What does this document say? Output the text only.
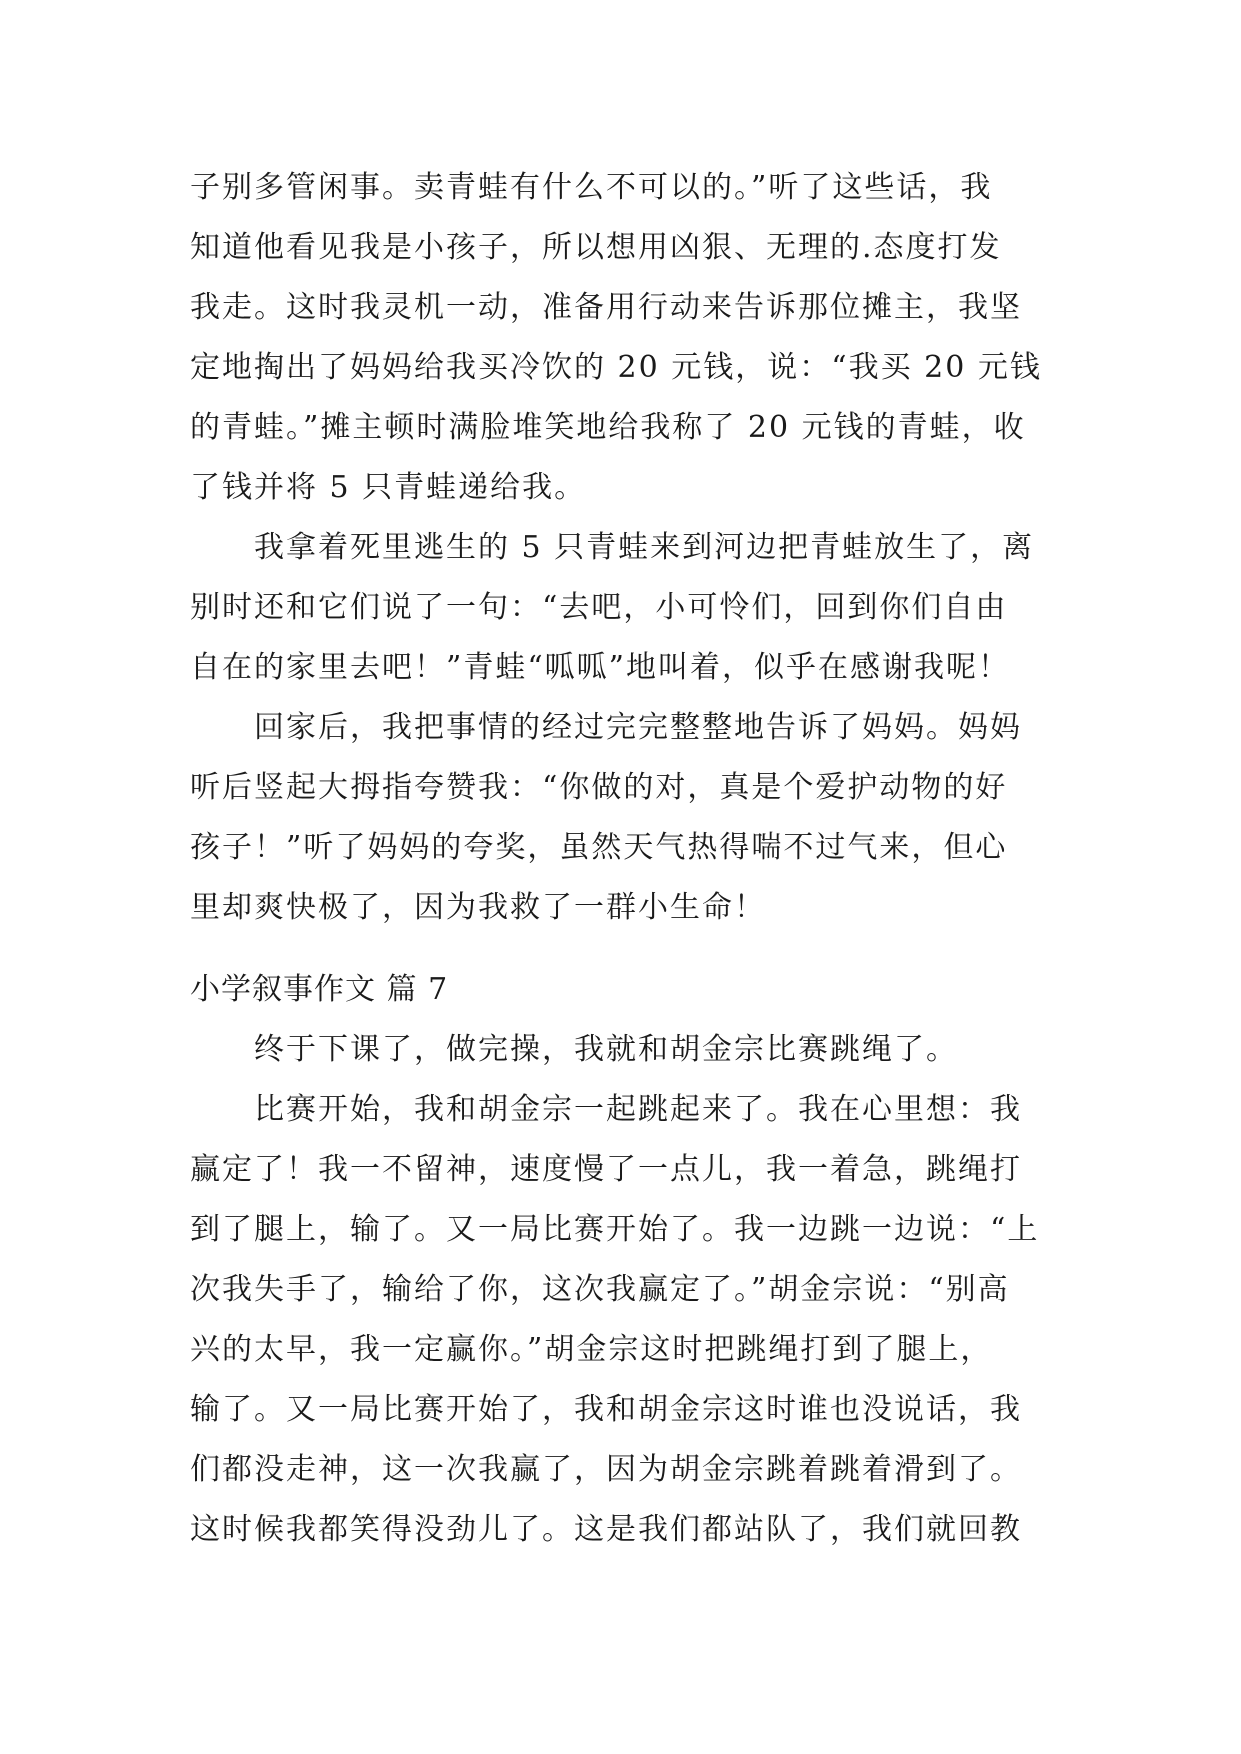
子别多管闲事。卖青蛙有什么不可以的。”听了这些话，我
知道他看见我是小孩子，所以想用凶狠、无理的.态度打发
我走。这时我灵机一动，准备用行动来告诉那位摊主，我坚
定地掏出了妈妈给我买冷饮的 20 元钱，说：“我买 20 元钱
的青蛙。”摊主顿时满脸堆笑地给我称了 20 元钱的青蛙，收
了钱并将 5 只青蛙递给我。
　　我拿着死里逃生的 5 只青蛙来到河边把青蛙放生了，离
别时还和它们说了一句：“去吧，小可怜们，回到你们自由
自在的家里去吧！”青蛙“呱呱”地叫着，似乎在感谢我呢！
　　回家后，我把事情的经过完完整整地告诉了妈妈。妈妈
听后竖起大拇指夸赞我：“你做的对，真是个爱护动物的好
孩子！”听了妈妈的夸奖，虽然天气热得喘不过气来，但心
里却爽快极了，因为我救了一群小生命！
小学叙事作文 篇 7
　　终于下课了，做完操，我就和胡金宗比赛跳绳了。
　　比赛开始，我和胡金宗一起跳起来了。我在心里想：我
赢定了！我一不留神，速度慢了一点儿，我一着急，跳绳打
到了腿上，输了。又一局比赛开始了。我一边跳一边说：“上
次我失手了，输给了你，这次我赢定了。”胡金宗说：“别高
兴的太早，我一定赢你。”胡金宗这时把跳绳打到了腿上，
输了。又一局比赛开始了，我和胡金宗这时谁也没说话，我
们都没走神，这一次我赢了，因为胡金宗跳着跳着滑到了。
这时候我都笑得没劲儿了。这是我们都站队了，我们就回教
